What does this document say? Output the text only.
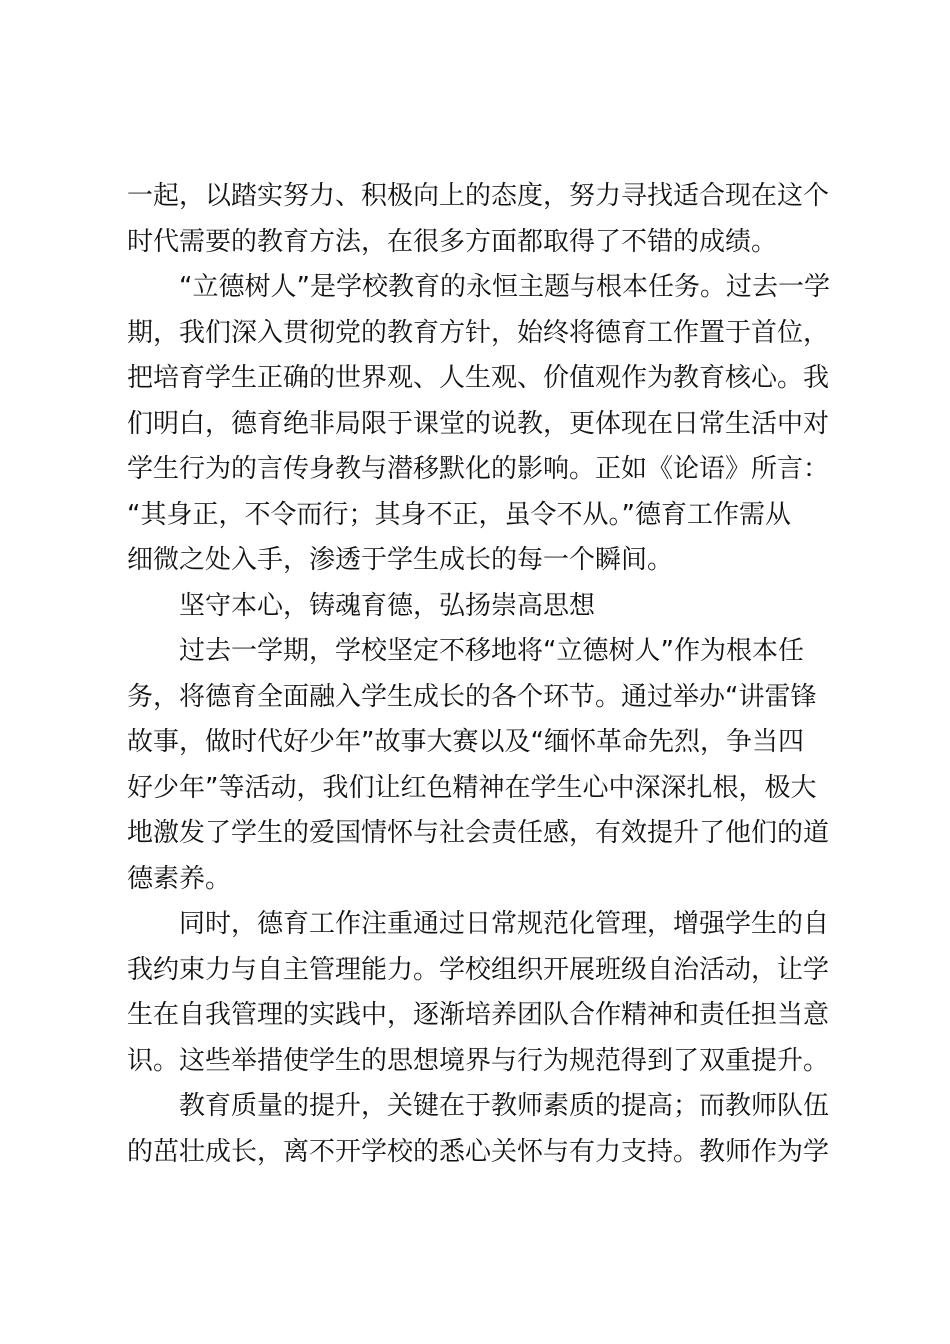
一起，以踏实努力、积极向上的态度，努力寻找适合现在这个
时代需要的教育方法，在很多方面都取得了不错的成绩。
“立德树人”是学校教育的永恒主题与根本任务。过去一学
期，我们深入贯彻党的教育方针，始终将德育工作置于首位，
把培育学生正确的世界观、人生观、价值观作为教育核心。我
们明白，德育绝非局限于课堂的说教，更体现在日常生活中对
学生行为的言传身教与潜移默化的影响。正如《论语》所言：
“其身正，不令而行；其身不正，虽令不从。”德育工作需从
细微之处入手，渗透于学生成长的每一个瞬间。
坚守本心，铸魂育德，弘扬崇高思想
过去一学期，学校坚定不移地将“立德树人”作为根本任
务，将德育全面融入学生成长的各个环节。通过举办“讲雷锋
故事，做时代好少年”故事大赛以及“缅怀革命先烈，争当四
好少年”等活动，我们让红色精神在学生心中深深扎根，极大
地激发了学生的爱国情怀与社会责任感，有效提升了他们的道
德素养。
同时，德育工作注重通过日常规范化管理，增强学生的自
我约束力与自主管理能力。学校组织开展班级自治活动，让学
生在自我管理的实践中，逐渐培养团队合作精神和责任担当意
识。这些举措使学生的思想境界与行为规范得到了双重提升。
教育质量的提升，关键在于教师素质的提高；而教师队伍
的茁壮成长，离不开学校的悉心关怀与有力支持。教师作为学
